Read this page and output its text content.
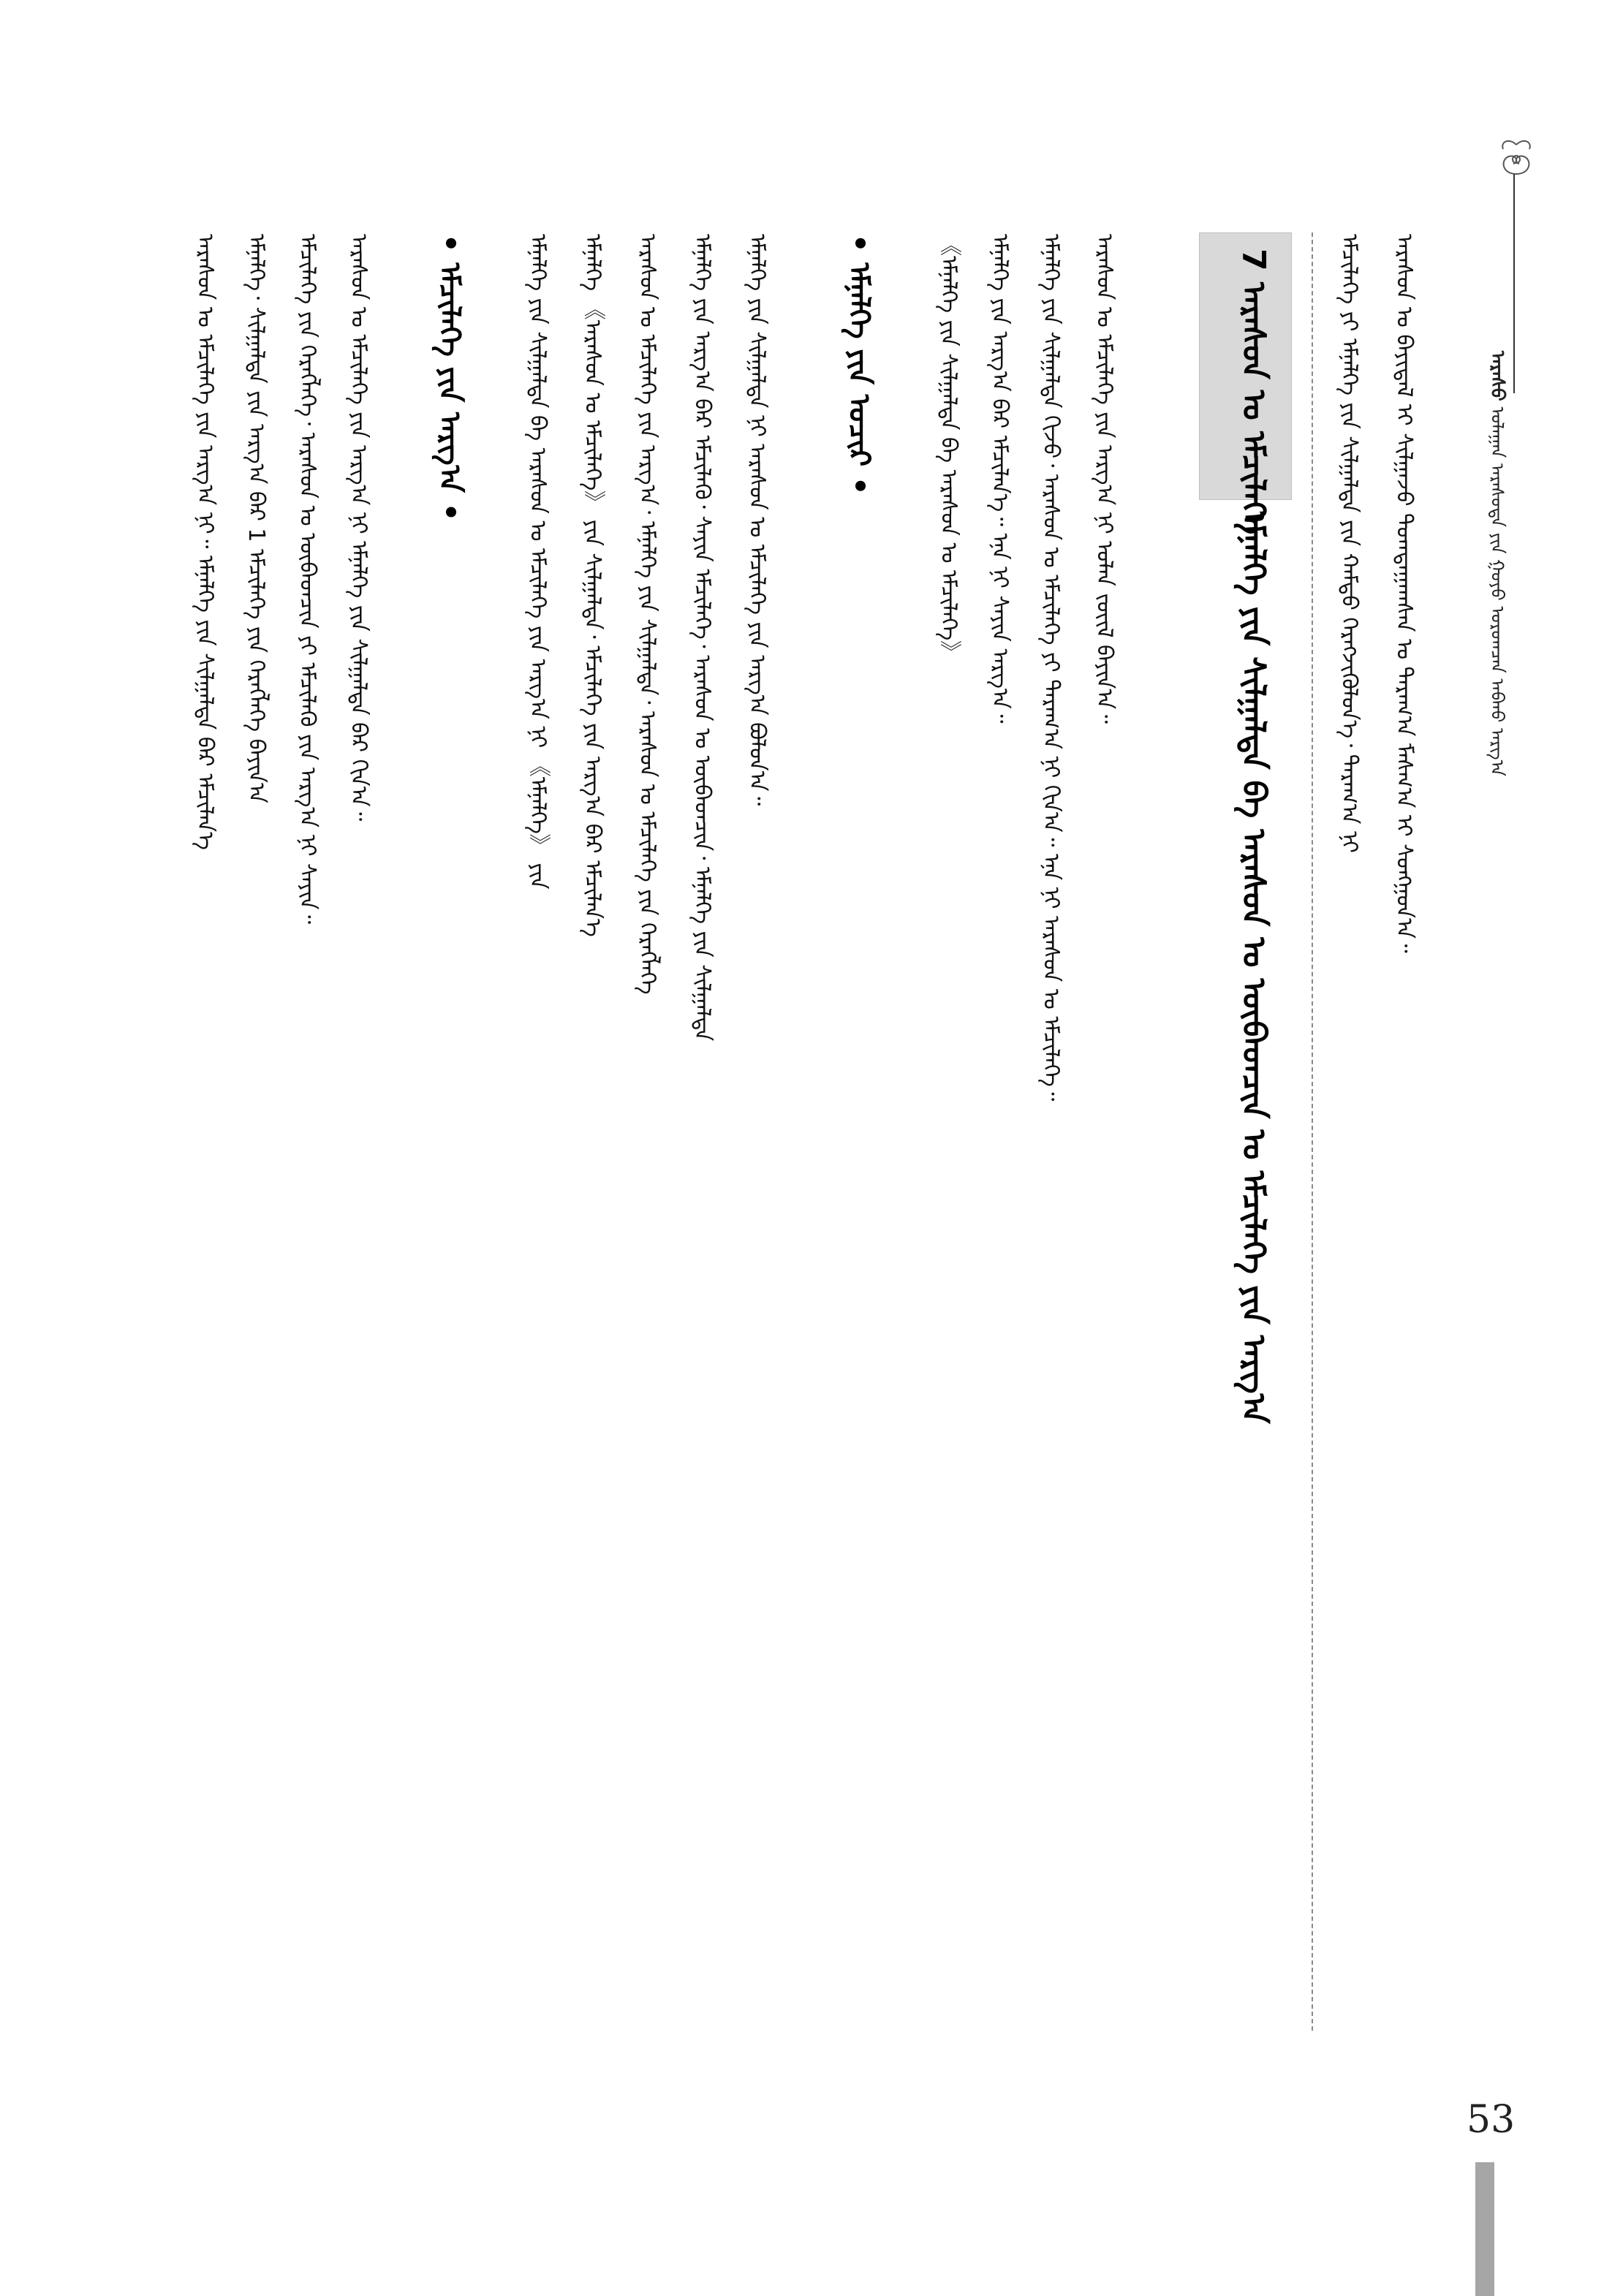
ᠠᠷᠠᠰᠤ ᠤᠯᠠᠭᠠᠨ ᠠᠷᠠᠰᠤᠳᠠ ᠶᠢᠨ ᠭᠤᠶᠤ ᠤᠷᠤᠭᠴᠠᠨ ᠠᠪᠬᠤ ᠠᠷᠭ᠎ᠠ
ᠠᠷᠠᠰᠤᠨ ᠤ ᠪᠠᠶᠢᠳᠠᠯ ᠢ ᠰᠢᠯᠭᠠᠵᠤ ᠲᠣᠭᠲᠠᠭᠠᠭᠰᠠᠨ ᠤ ᠳᠠᠷᠠᠭ᠎ᠠ ᠮᠠᠰᠬ᠎ᠠ ᠢ ᠰᠣᠩᠭᠣᠨ᠎ᠠ᠃
ᠡᠮᠴᠢᠯᠡᠭᠡ ᠶᠢ ᠡᠮᠨᠡᠯᠭᠡ ᠶᠢᠨ ᠰᠢᠯᠭᠠᠯᠲᠠ ᠶᠢᠨ ᠬᠠᠮᠲᠤ ᠬᠡᠷᠡᠭᠵᠢᠭᠦᠯᠦᠨ᠎ᠡ᠂ ᠳᠠᠷᠠᠭ᠎ᠠ ᠨᠢ
7 ᠠᠷᠠᠰᠤᠨ ᠤ ᠡᠮᠴᠢᠯᠡᠭᠡ
ᠡᠮᠨᠡᠯᠭᠡ ᠶᠢᠨ ᠰᠢᠯᠭᠠᠯᠲᠠ ᠪᠠ ᠠᠷᠠᠰᠤᠨ ᠤ ᠥᠪᠡᠳᠴᠢᠨ ᠤ ᠡᠮᠴᠢᠯᠡᠭᠡ ᠶᠢᠨ ᠠᠷᠭ᠎ᠠ
ᠠᠷᠠᠰᠤᠨ ᠤ ᠡᠮᠴᠢᠯᠡᠭᠡ ᠶᠢᠨ ᠠᠷᠭ᠎ᠠ ᠨᠢ ᠣᠯᠠᠨ ᠵᠦᠢᠯ ᠪᠠᠶᠢᠨ᠎ᠠ᠃
ᠡᠮᠨᠡᠯᠭᠡ ᠶᠢᠨ ᠰᠢᠯᠭᠠᠯᠲᠠ ᠬᠢᠵᠤ᠂ ᠠᠷᠠᠰᠤᠨ ᠤ ᠡᠮᠴᠢᠯᠡᠭᠡ ᠶᠢ ᠳᠠᠷᠠᠭ᠎ᠠ ᠨᠢ ᠬᠢᠨ᠎ᠠ᠃ ᠡᠨᠡ ᠨᠢ ᠠᠷᠠᠰᠤᠨ ᠤ ᠡᠮᠴᠢᠯᠡᠭᠡ᠃
ᠡᠮᠨᠡᠯᠭᠡ ᠶᠢᠨ ᠠᠷᠭ᠎ᠠ ᠪᠠᠷ ᠡᠮᠴᠢᠯᠡᠨ᠎ᠡ᠃ ᠡᠨᠡ ᠨᠢ ᠰᠠᠶᠢᠨ ᠠᠷᠭ᠎ᠠ᠃
《ᠡᠮᠨᠡᠯᠭᠡ ᠶᠢᠨ ᠰᠢᠯᠭᠠᠯᠲᠠ ᠪᠠ ᠠᠷᠠᠰᠤᠨ ᠤ ᠡᠮᠴᠢᠯᠡᠭᠡ》
• ᠡᠮᠨᠡᠯᠭᠡ ᠶᠢᠨ ᠤᠴᠢᠷ •
ᠡᠮᠨᠡᠯᠭᠡ ᠶᠢᠨ ᠰᠢᠯᠭᠠᠯᠲᠠ ᠨᠢ ᠠᠷᠠᠰᠤᠨ ᠤ ᠡᠮᠴᠢᠯᠡᠭᠡ ᠶᠢᠨ ᠠᠷᠭ᠎ᠠ ᠪᠣᠯᠤᠨ᠎ᠠ᠃
ᠡᠮᠨᠡᠯᠭᠡ ᠶᠢᠨ ᠠᠷᠭ᠎ᠠ ᠪᠠᠷ ᠡᠮᠴᠢᠯᠡᠬᠦ᠂ ᠰᠠᠶᠢᠨ ᠡᠮᠴᠢᠯᠡᠭᠡ᠂ ᠠᠷᠠᠰᠤᠨ ᠤ ᠥᠪᠡᠳᠴᠢᠨ᠂ ᠡᠮᠨᠡᠯᠭᠡ ᠶᠢᠨ ᠰᠢᠯᠭᠠᠯᠲᠠ
ᠠᠷᠠᠰᠤᠨ ᠤ ᠡᠮᠴᠢᠯᠡᠭᠡ ᠶᠢᠨ ᠠᠷᠭ᠎ᠠ᠂ ᠡᠮᠨᠡᠯᠭᠡ ᠶᠢᠨ ᠰᠢᠯᠭᠠᠯᠲᠠ᠂ ᠠᠷᠠᠰᠤᠨ ᠤ ᠡᠮᠴᠢᠯᠡᠭᠡ ᠶᠢᠨ ᠬᠡᠷᠡᠭᠯᠡᠭᠡ
ᠡᠮᠨᠡᠯᠭᠡ 《ᠠᠷᠠᠰᠤᠨ ᠤ ᠡᠮᠴᠢᠯᠡᠭᠡ》 ᠶᠢᠨ ᠰᠢᠯᠭᠠᠯᠲᠠ᠂ ᠡᠮᠴᠢᠯᠡᠭᠡ ᠶᠢᠨ ᠠᠷᠭ᠎ᠠ ᠪᠠᠷ ᠡᠮᠴᠢᠯᠡᠨ᠎ᠡ
ᠡᠮᠨᠡᠯᠭᠡ ᠶᠢᠨ ᠰᠢᠯᠭᠠᠯᠲᠠ ᠪᠠ ᠠᠷᠠᠰᠤᠨ ᠤ ᠡᠮᠴᠢᠯᠡᠭᠡ ᠶᠢᠨ ᠠᠷᠭ᠎ᠠ ᠨᠢ 《ᠡᠮᠨᠡᠯᠭᠡ》 ᠶᠢᠨ
• ᠡᠮᠴᠢᠯᠡᠭᠡ ᠶᠢᠨ ᠠᠷᠭ᠎ᠠ •
ᠠᠷᠠᠰᠤᠨ ᠤ ᠡᠮᠴᠢᠯᠡᠭᠡ ᠶᠢᠨ ᠠᠷᠭ᠎ᠠ ᠨᠢ ᠡᠮᠨᠡᠯᠭᠡ ᠶᠢᠨ ᠰᠢᠯᠭᠠᠯᠲᠠ ᠪᠠᠷ ᠬᠢᠨ᠎ᠠ᠃
ᠡᠮᠴᠢᠯᠡᠭᠡ ᠶᠢᠨ ᠬᠡᠷᠡᠭᠯᠡᠭᠡ᠂ ᠠᠷᠠᠰᠤᠨ ᠤ ᠥᠪᠡᠳᠴᠢᠨ ᠶᠢ ᠡᠮᠴᠢᠯᠡᠬᠦ ᠶᠢᠨ ᠠᠷᠭ᠎ᠠ ᠨᠢ ᠰᠠᠶᠢᠨ᠃
ᠡᠮᠨᠡᠯᠭᠡ᠂ ᠰᠢᠯᠭᠠᠯᠲᠠ ᠶᠢᠨ ᠠᠷᠭ᠎ᠠ ᠪᠠᠷ 1 ᠡᠮᠴᠢᠯᠡᠭᠡ ᠶᠢᠨ ᠬᠡᠷᠡᠭᠯᠡᠭᠡ ᠪᠠᠶᠢᠨ᠎ᠠ
ᠠᠷᠠᠰᠤᠨ ᠤ ᠡᠮᠴᠢᠯᠡᠭᠡ ᠶᠢᠨ ᠠᠷᠭ᠎ᠠ ᠨᠢ᠃ ᠡᠮᠨᠡᠯᠭᠡ ᠶᠢᠨ ᠰᠢᠯᠭᠠᠯᠲᠠ ᠪᠠᠷ ᠡᠮᠴᠢᠯᠡᠨ᠎ᠡ
53
